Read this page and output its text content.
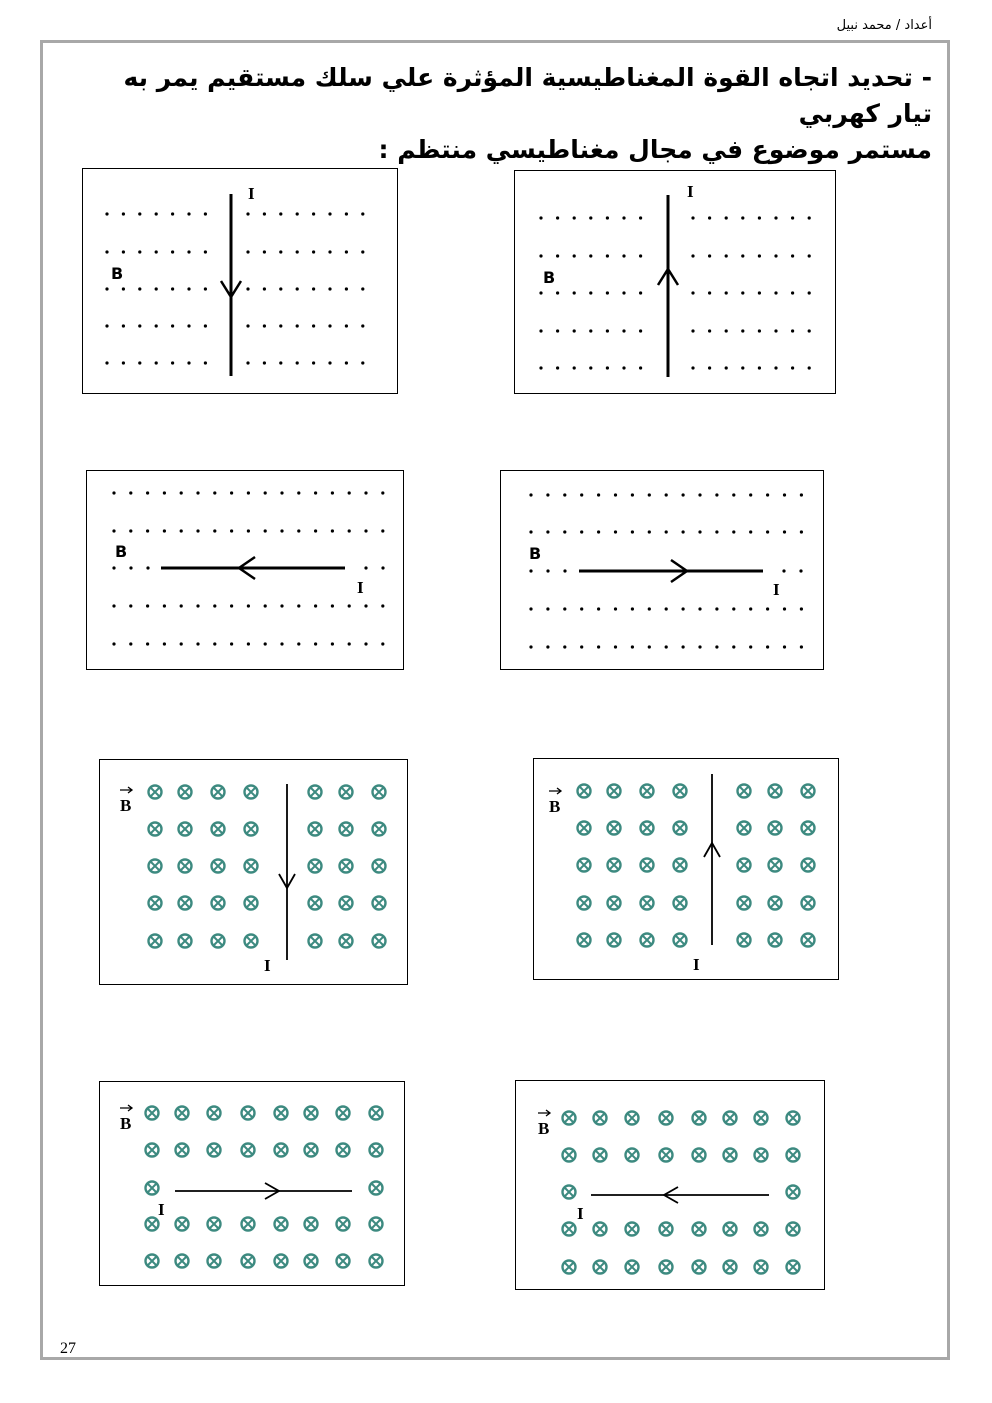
أعداد / محمد نبيل
- تحديد اتجاه القوة المغناطيسية المؤثرة علي سلك مستقيم يمر به تيار كهربي
مستمر موضوع في مجال مغناطيسي منتظم :
27
I
B
I
B
I
B
I
B
I
B
I
B
I
B
I
B
